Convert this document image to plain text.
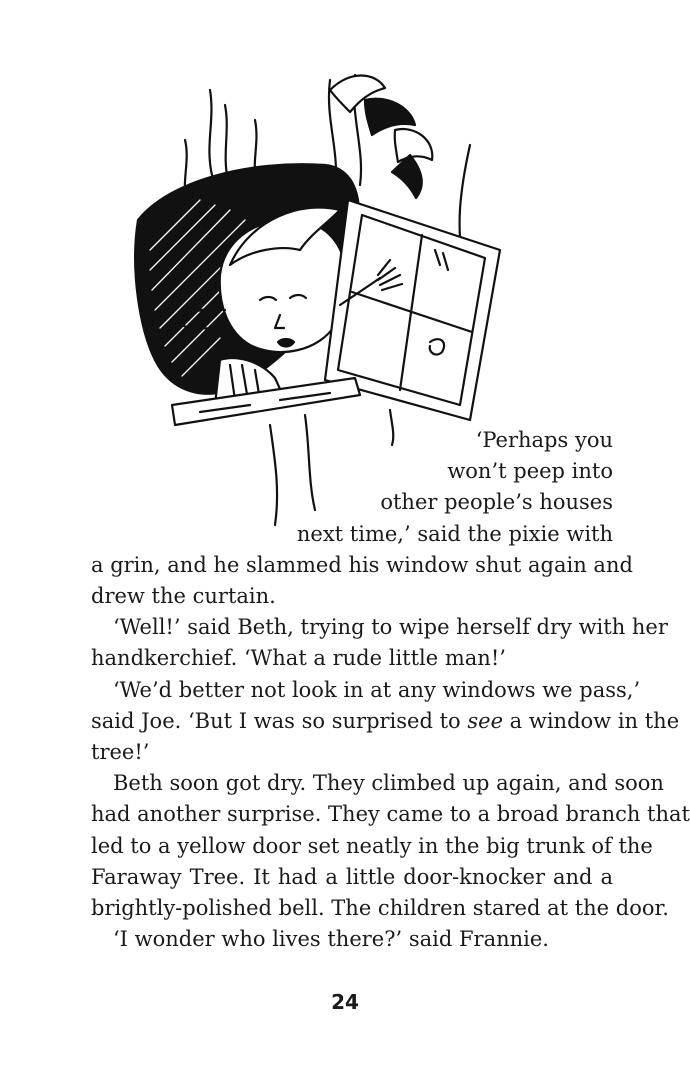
‘Perhaps you
won’t peep into
other people’s houses
next time,’ said the pixie with
a grin, and he slammed his window shut again and
drew the curtain.
‘Well!’ said Beth, trying to wipe herself dry with her
handkerchief. ‘What a rude little man!’
‘We’d better not look in at any windows we pass,’
said Joe. ‘But I was so surprised to see a window in the
tree!’
Beth soon got dry. They climbed up again, and soon
had another surprise. They came to a broad branch that
led to a yellow door set neatly in the big trunk of the
Faraway Tree. It had a little door-knocker and a
brightly-polished bell. The children stared at the door.
‘I wonder who lives there?’ said Frannie.
24
